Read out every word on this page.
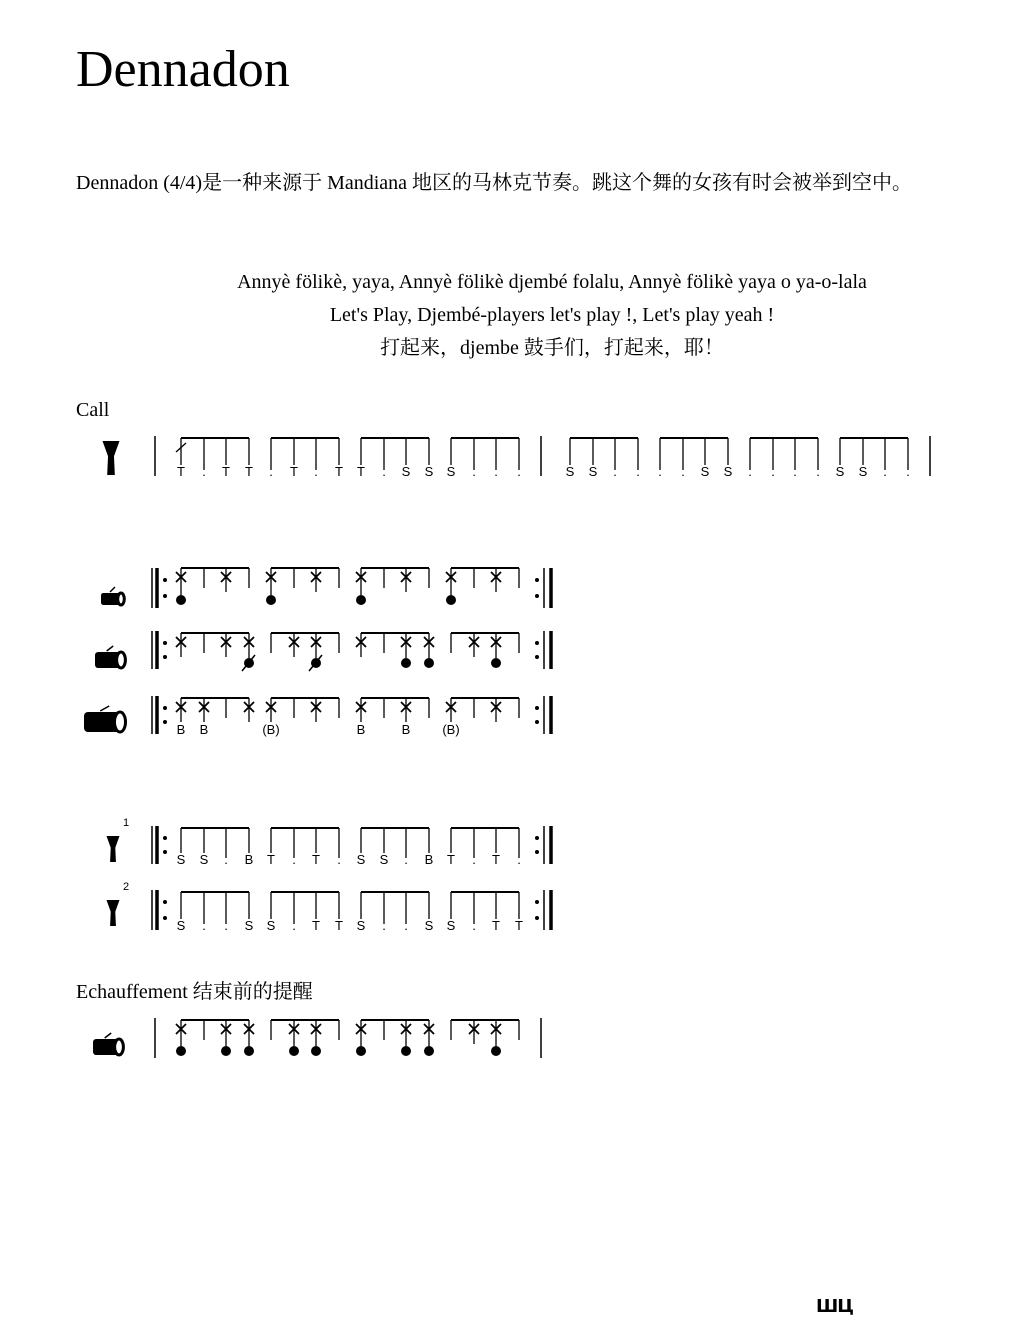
Dennadon
Dennadon (4/4)是一种来源于 Mandiana 地区的马林克节奏。跳这个舞的女孩有时会被举到空中。
Annyè fölikè, yaya, Annyè fölikè djembé folalu, Annyè fölikè yaya o ya-o-lala
Let's Play, Djembé-players let's play !, Let's play yeah !
打起来，djembe 鼓手们，打起来，耶！
Call
Echauffement 结束前的提醒
T . T T . T . T T . S S S . . .	S S . . . . S S . . . . S S . .
B B	(B)	B	B (B)
1
S S . B T . T . S S . B T . T .
2
S . . S S . T T S . . S S . T T
ШЦ
